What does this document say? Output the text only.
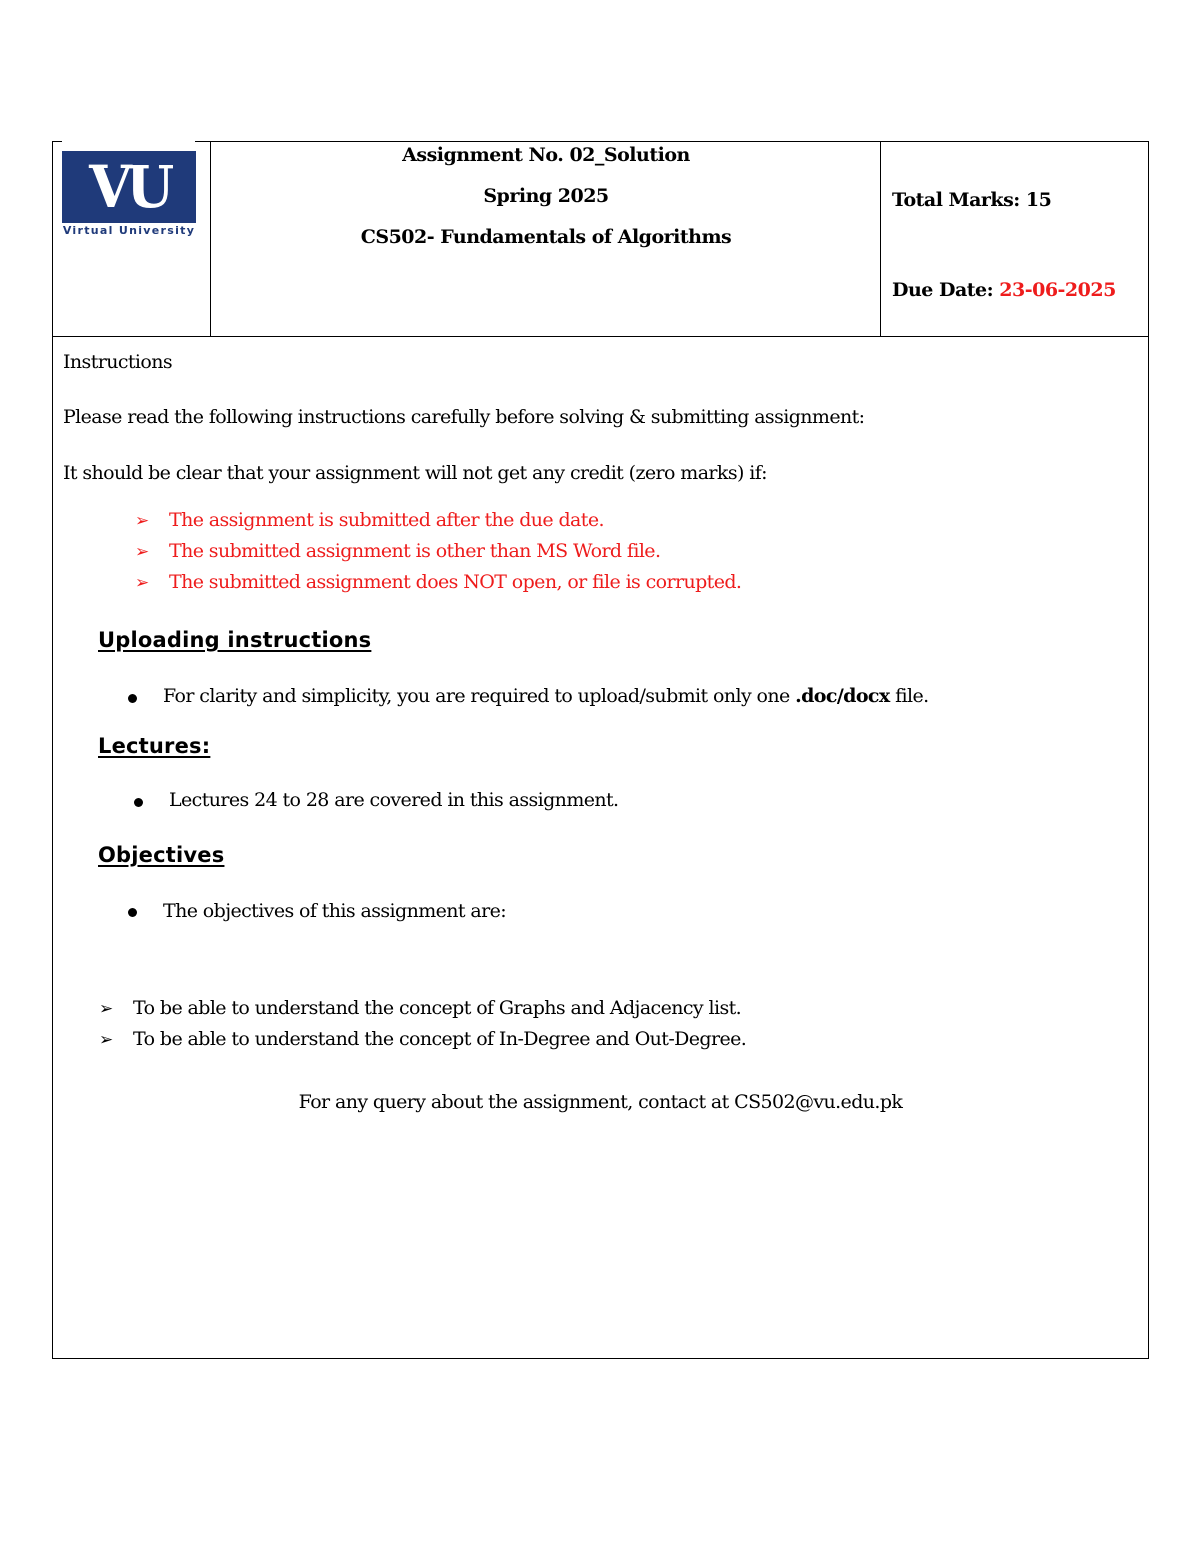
VU
Virtual University
Assignment No. 02_Solution
Spring 2025
CS502- Fundamentals of Algorithms
Total Marks: 15
Due Date: 23-06-2025
Instructions
Please read the following instructions carefully before solving & submitting assignment:
It should be clear that your assignment will not get any credit (zero marks) if:
➢ The assignment is submitted after the due date.
➢ The submitted assignment is other than MS Word file.
➢ The submitted assignment does NOT open, or file is corrupted.
Uploading instructions
For clarity and simplicity, you are required to upload/submit only one .doc/docx file.
Lectures:
Lectures 24 to 28 are covered in this assignment.
Objectives
The objectives of this assignment are:
➢ To be able to understand the concept of Graphs and Adjacency list.
➢ To be able to understand the concept of In-Degree and Out-Degree.
For any query about the assignment, contact at CS502@vu.edu.pk
